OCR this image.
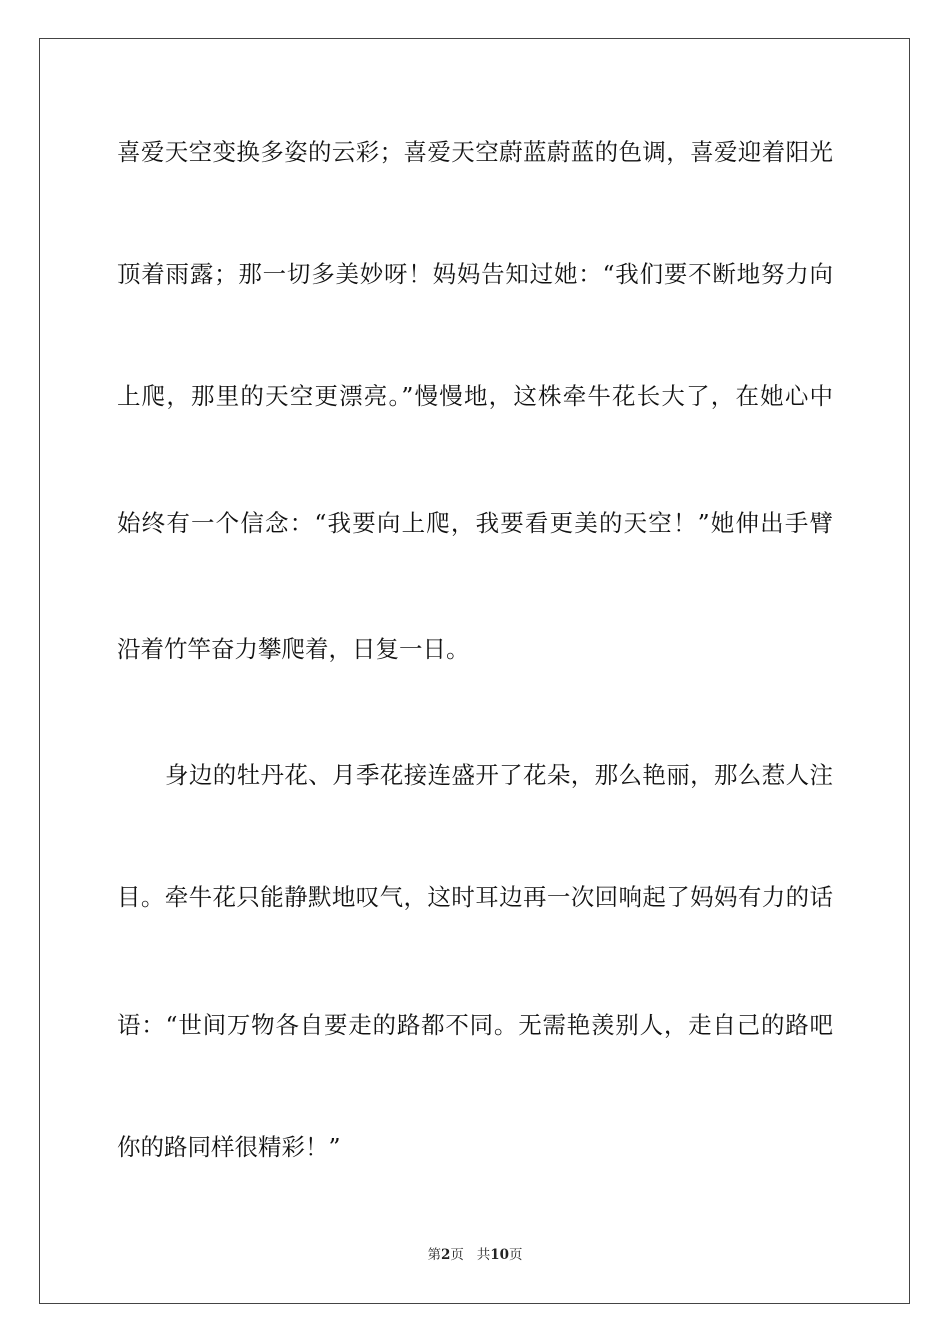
喜爱天空变换多姿的云彩；喜爱天空蔚蓝蔚蓝的色调，喜爱迎着阳光
顶着雨露；那一切多美妙呀！妈妈告知过她：“我们要不断地努力向
上爬，那里的天空更漂亮。”慢慢地，这株牵牛花长大了，在她心中
始终有一个信念：“我要向上爬，我要看更美的天空！”她伸出手臂
沿着竹竿奋力攀爬着，日复一日。
身边的牡丹花、月季花接连盛开了花朵，那么艳丽，那么惹人注
目。牵牛花只能静默地叹气，这时耳边再一次回响起了妈妈有力的话
语：“世间万物各自要走的路都不同。无需艳羡别人，走自己的路吧
你的路同样很精彩！”
第2页 共10页
